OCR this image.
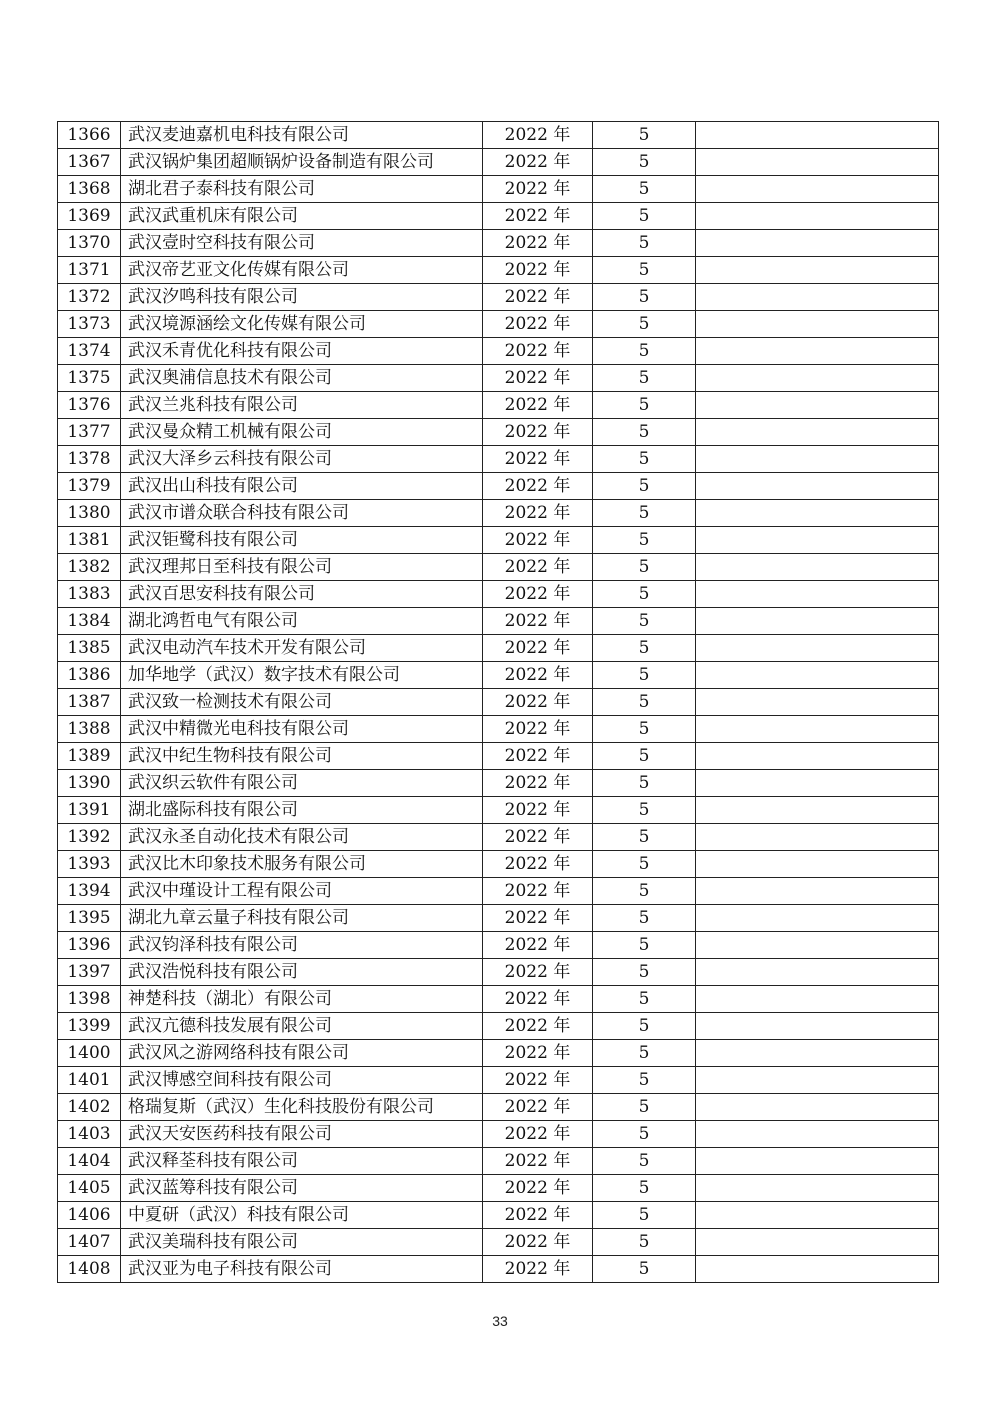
1366	武汉麦迪嘉机电科技有限公司	2022 年	5	
1367	武汉锅炉集团超顺锅炉设备制造有限公司	2022 年	5	
1368	湖北君子泰科技有限公司	2022 年	5	
1369	武汉武重机床有限公司	2022 年	5	
1370	武汉壹时空科技有限公司	2022 年	5	
1371	武汉帝艺亚文化传媒有限公司	2022 年	5	
1372	武汉汐鸣科技有限公司	2022 年	5	
1373	武汉境源涵绘文化传媒有限公司	2022 年	5	
1374	武汉禾青优化科技有限公司	2022 年	5	
1375	武汉奥浦信息技术有限公司	2022 年	5	
1376	武汉兰兆科技有限公司	2022 年	5	
1377	武汉曼众精工机械有限公司	2022 年	5	
1378	武汉大泽乡云科技有限公司	2022 年	5	
1379	武汉出山科技有限公司	2022 年	5	
1380	武汉市谱众联合科技有限公司	2022 年	5	
1381	武汉钜鹭科技有限公司	2022 年	5	
1382	武汉理邦日至科技有限公司	2022 年	5	
1383	武汉百思安科技有限公司	2022 年	5	
1384	湖北鸿哲电气有限公司	2022 年	5	
1385	武汉电动汽车技术开发有限公司	2022 年	5	
1386	加华地学（武汉）数字技术有限公司	2022 年	5	
1387	武汉致一检测技术有限公司	2022 年	5	
1388	武汉中精微光电科技有限公司	2022 年	5	
1389	武汉中纪生物科技有限公司	2022 年	5	
1390	武汉织云软件有限公司	2022 年	5	
1391	湖北盛际科技有限公司	2022 年	5	
1392	武汉永圣自动化技术有限公司	2022 年	5	
1393	武汉比木印象技术服务有限公司	2022 年	5	
1394	武汉中瑾设计工程有限公司	2022 年	5	
1395	湖北九章云量子科技有限公司	2022 年	5	
1396	武汉钧泽科技有限公司	2022 年	5	
1397	武汉浩悦科技有限公司	2022 年	5	
1398	神楚科技（湖北）有限公司	2022 年	5	
1399	武汉亢德科技发展有限公司	2022 年	5	
1400	武汉风之游网络科技有限公司	2022 年	5	
1401	武汉博感空间科技有限公司	2022 年	5	
1402	格瑞复斯（武汉）生化科技股份有限公司	2022 年	5	
1403	武汉天安医药科技有限公司	2022 年	5	
1404	武汉释荃科技有限公司	2022 年	5	
1405	武汉蓝筹科技有限公司	2022 年	5	
1406	中夏研（武汉）科技有限公司	2022 年	5	
1407	武汉美瑞科技有限公司	2022 年	5	
1408	武汉亚为电子科技有限公司	2022 年	5	
33
